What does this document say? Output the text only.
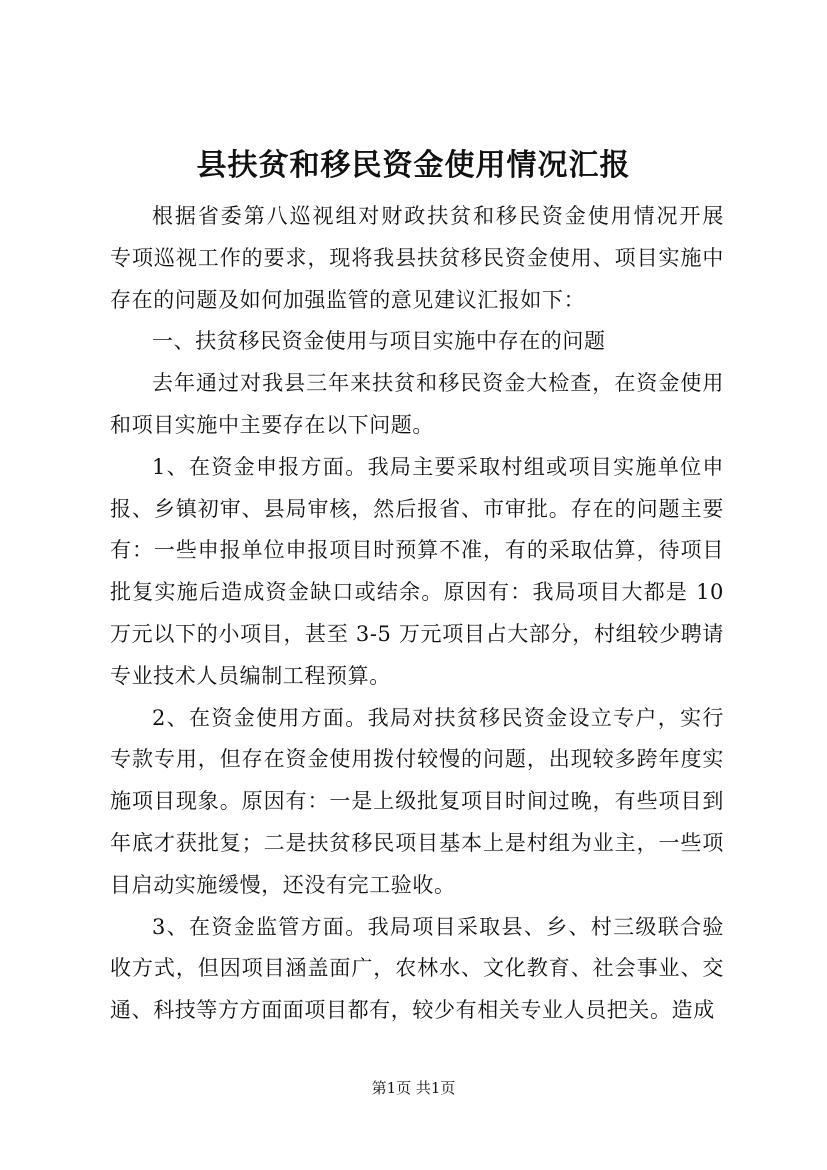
县扶贫和移民资金使用情况汇报
根据省委第八巡视组对财政扶贫和移民资金使用情况开展
专项巡视工作的要求，现将我县扶贫移民资金使用、项目实施中
存在的问题及如何加强监管的意见建议汇报如下：
一、扶贫移民资金使用与项目实施中存在的问题
去年通过对我县三年来扶贫和移民资金大检查，在资金使用
和项目实施中主要存在以下问题。
1、在资金申报方面。我局主要采取村组或项目实施单位申
报、乡镇初审、县局审核，然后报省、市审批。存在的问题主要
有：一些申报单位申报项目时预算不准，有的采取估算，待项目
批复实施后造成资金缺口或结余。原因有：我局项目大都是 10
万元以下的小项目，甚至 3-5 万元项目占大部分，村组较少聘请
专业技术人员编制工程预算。
2、在资金使用方面。我局对扶贫移民资金设立专户，实行
专款专用，但存在资金使用拨付较慢的问题，出现较多跨年度实
施项目现象。原因有：一是上级批复项目时间过晚，有些项目到
年底才获批复；二是扶贫移民项目基本上是村组为业主，一些项
目启动实施缓慢，还没有完工验收。
3、在资金监管方面。我局项目采取县、乡、村三级联合验
收方式，但因项目涵盖面广，农林水、文化教育、社会事业、交
通、科技等方方面面项目都有，较少有相关专业人员把关。造成
第1页 共1页
